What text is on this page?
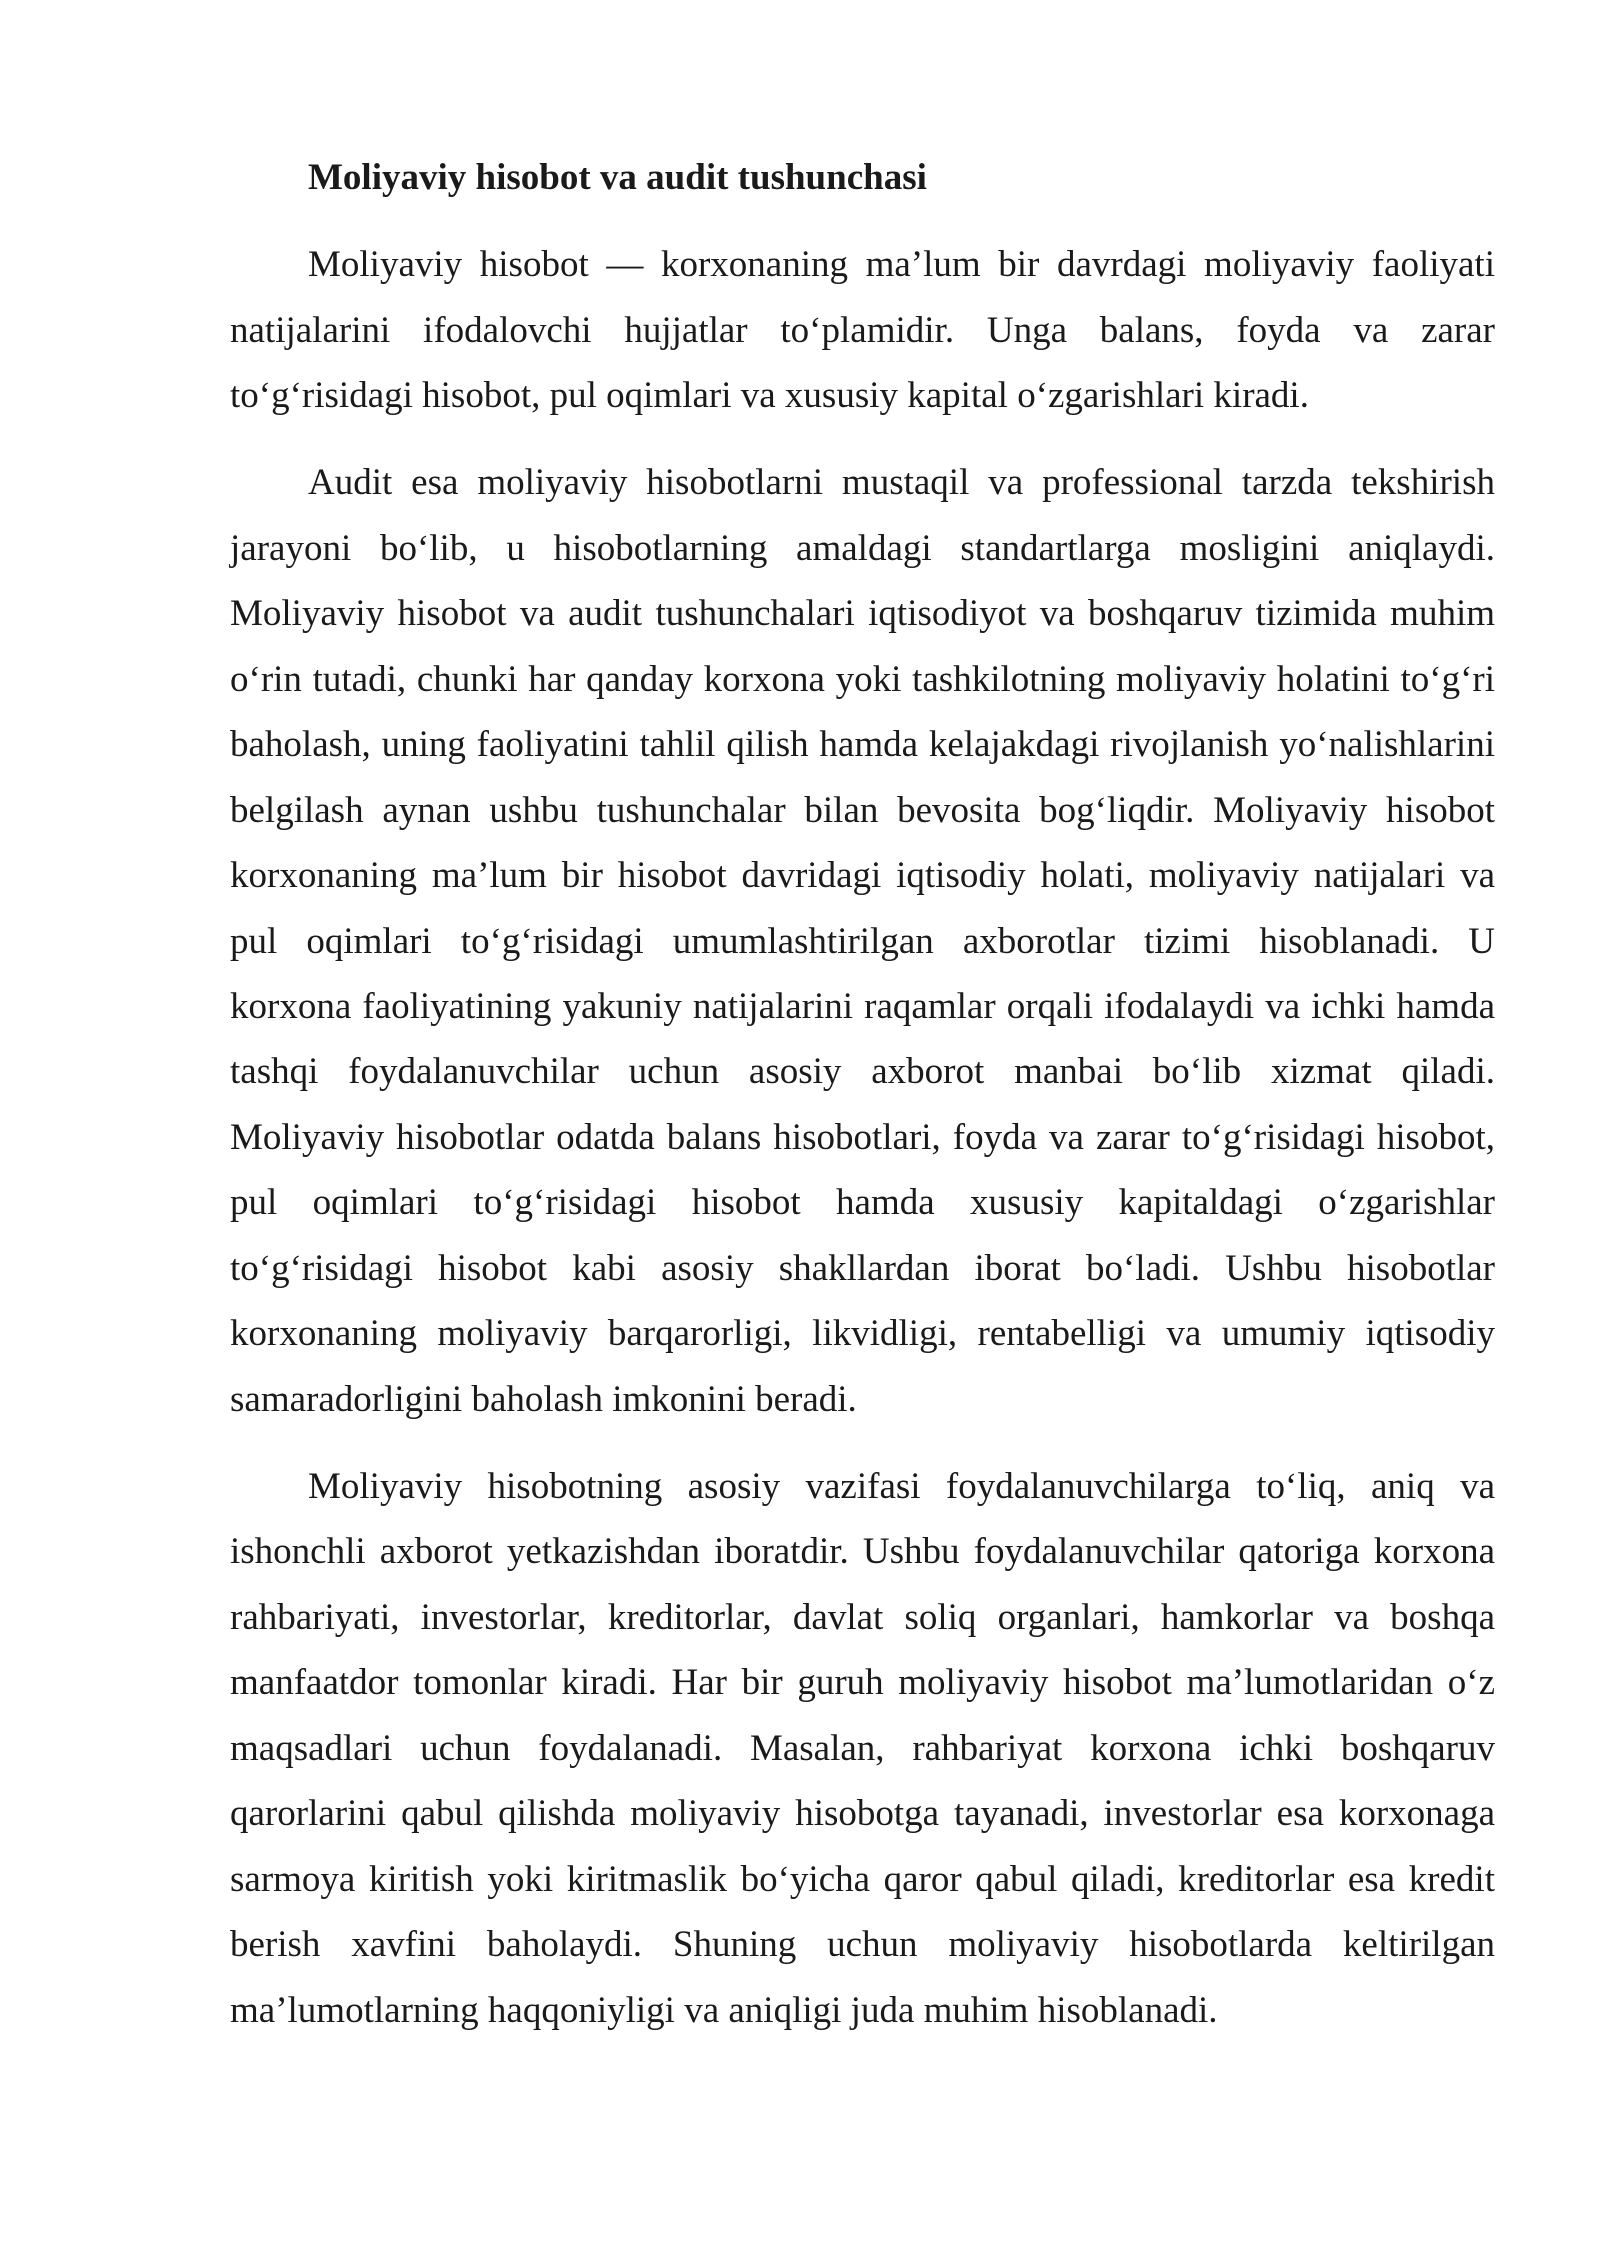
Moliyaviy hisobot va audit tushunchasi
Moliyaviy hisobot — korxonaning ma’lum bir davrdagi moliyaviy faoliyati
natijalarini ifodalovchi hujjatlar to‘plamidir. Unga balans, foyda va zarar
to‘g‘risidagi hisobot, pul oqimlari va xususiy kapital o‘zgarishlari kiradi.
Audit esa moliyaviy hisobotlarni mustaqil va professional tarzda tekshirish
jarayoni bo‘lib, u hisobotlarning amaldagi standartlarga mosligini aniqlaydi.
Moliyaviy hisobot va audit tushunchalari iqtisodiyot va boshqaruv tizimida muhim
o‘rin tutadi, chunki har qanday korxona yoki tashkilotning moliyaviy holatini to‘g‘ri
baholash, uning faoliyatini tahlil qilish hamda kelajakdagi rivojlanish yo‘nalishlarini
belgilash aynan ushbu tushunchalar bilan bevosita bog‘liqdir. Moliyaviy hisobot
korxonaning ma’lum bir hisobot davridagi iqtisodiy holati, moliyaviy natijalari va
pul oqimlari to‘g‘risidagi umumlashtirilgan axborotlar tizimi hisoblanadi. U
korxona faoliyatining yakuniy natijalarini raqamlar orqali ifodalaydi va ichki hamda
tashqi foydalanuvchilar uchun asosiy axborot manbai bo‘lib xizmat qiladi.
Moliyaviy hisobotlar odatda balans hisobotlari, foyda va zarar to‘g‘risidagi hisobot,
pul oqimlari to‘g‘risidagi hisobot hamda xususiy kapitaldagi o‘zgarishlar
to‘g‘risidagi hisobot kabi asosiy shakllardan iborat bo‘ladi. Ushbu hisobotlar
korxonaning moliyaviy barqarorligi, likvidligi, rentabelligi va umumiy iqtisodiy
samaradorligini baholash imkonini beradi.
Moliyaviy hisobotning asosiy vazifasi foydalanuvchilarga to‘liq, aniq va
ishonchli axborot yetkazishdan iboratdir. Ushbu foydalanuvchilar qatoriga korxona
rahbariyati, investorlar, kreditorlar, davlat soliq organlari, hamkorlar va boshqa
manfaatdor tomonlar kiradi. Har bir guruh moliyaviy hisobot ma’lumotlaridan o‘z
maqsadlari uchun foydalanadi. Masalan, rahbariyat korxona ichki boshqaruv
qarorlarini qabul qilishda moliyaviy hisobotga tayanadi, investorlar esa korxonaga
sarmoya kiritish yoki kiritmaslik bo‘yicha qaror qabul qiladi, kreditorlar esa kredit
berish xavfini baholaydi. Shuning uchun moliyaviy hisobotlarda keltirilgan
ma’lumotlarning haqqoniyligi va aniqligi juda muhim hisoblanadi.
